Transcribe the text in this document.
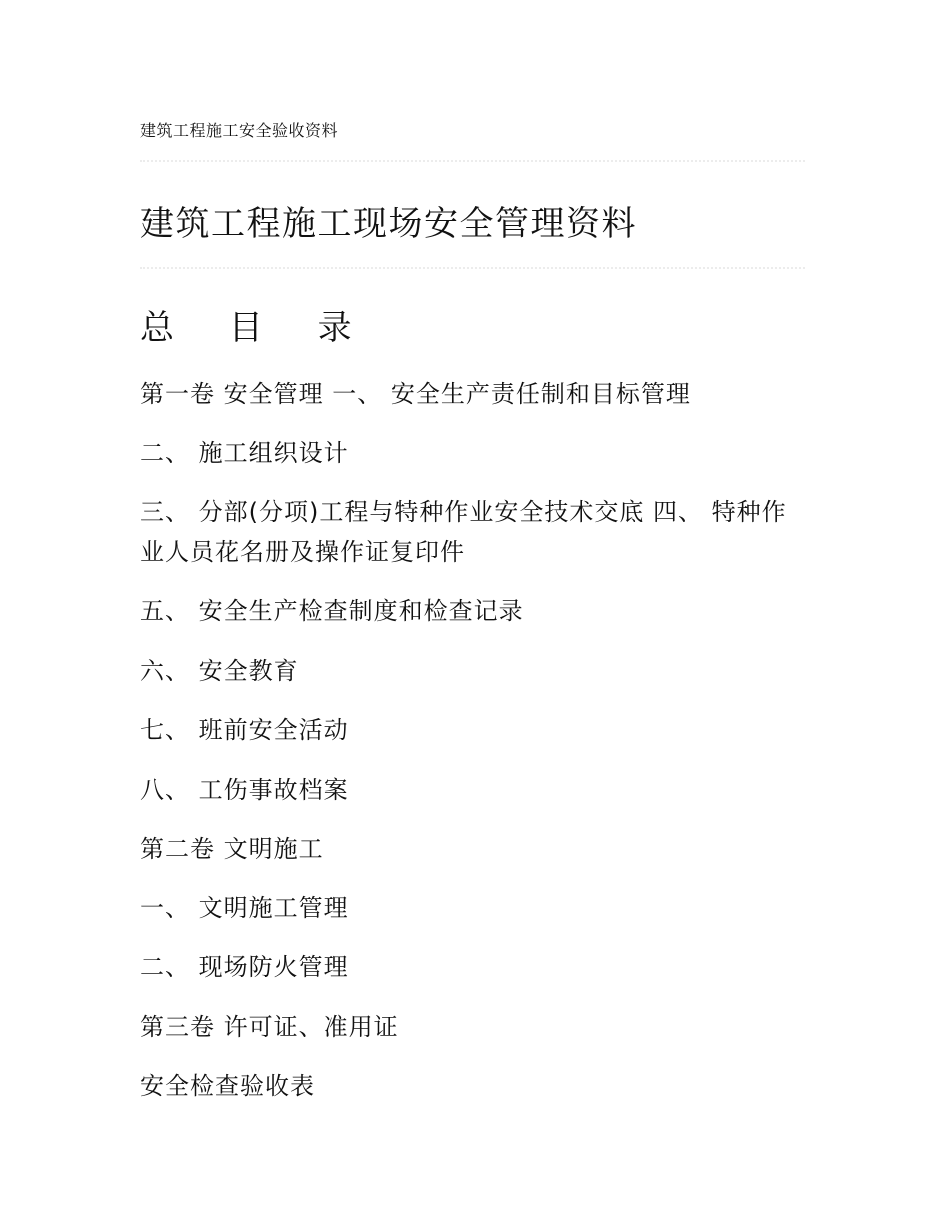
建筑工程施工安全验收资料
建筑工程施工现场安全管理资料
总 目 录
第一卷 安全管理 一、 安全生产责任制和目标管理
二、 施工组织设计
三、 分部(分项)工程与特种作业安全技术交底 四、 特种作业人员花名册及操作证复印件
五、 安全生产检查制度和检查记录
六、 安全教育
七、 班前安全活动
八、 工伤事故档案
第二卷 文明施工
一、 文明施工管理
二、 现场防火管理
第三卷 许可证、准用证
安全检查验收表
